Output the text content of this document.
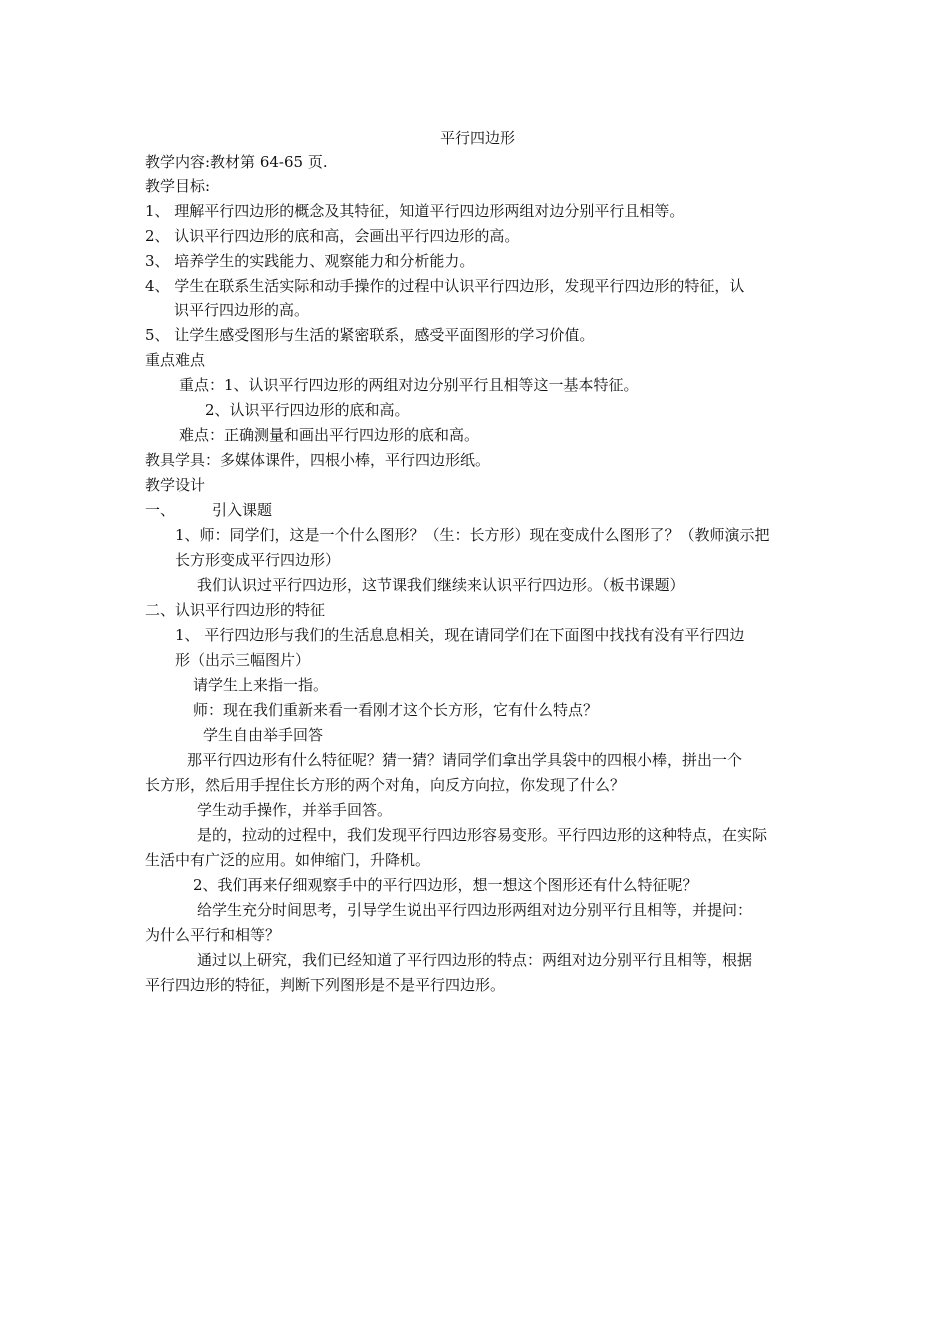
平行四边形
教学内容:教材第 64-65 页.
教学目标:
1、 理解平行四边形的概念及其特征，知道平行四边形两组对边分别平行且相等。
2、 认识平行四边形的底和高，会画出平行四边形的高。
3、 培养学生的实践能力、观察能力和分析能力。
4、 学生在联系生活实际和动手操作的过程中认识平行四边形，发现平行四边形的特征，认
识平行四边形的高。
5、 让学生感受图形与生活的紧密联系，感受平面图形的学习价值。
重点难点
重点：1、认识平行四边形的两组对边分别平行且相等这一基本特征。
2、认识平行四边形的底和高。
难点：正确测量和画出平行四边形的底和高。
教具学具：多媒体课件，四根小棒，平行四边形纸。
教学设计
一、	引入课题
1、师：同学们，这是一个什么图形？（生：长方形）现在变成什么图形了？（教师演示把
长方形变成平行四边形）
我们认识过平行四边形，这节课我们继续来认识平行四边形。（板书课题）
二、认识平行四边形的特征
1、 平行四边形与我们的生活息息相关，现在请同学们在下面图中找找有没有平行四边
形（出示三幅图片）
请学生上来指一指。
师：现在我们重新来看一看刚才这个长方形，它有什么特点？
学生自由举手回答
那平行四边形有什么特征呢？猜一猜？请同学们拿出学具袋中的四根小棒，拼出一个
长方形，然后用手捏住长方形的两个对角，向反方向拉，你发现了什么？
学生动手操作，并举手回答。
是的，拉动的过程中，我们发现平行四边形容易变形。平行四边形的这种特点，在实际
生活中有广泛的应用。如伸缩门，升降机。
2、我们再来仔细观察手中的平行四边形，想一想这个图形还有什么特征呢？
给学生充分时间思考，引导学生说出平行四边形两组对边分别平行且相等，并提问：
为什么平行和相等？
通过以上研究，我们已经知道了平行四边形的特点：两组对边分别平行且相等，根据
平行四边形的特征，判断下列图形是不是平行四边形。
